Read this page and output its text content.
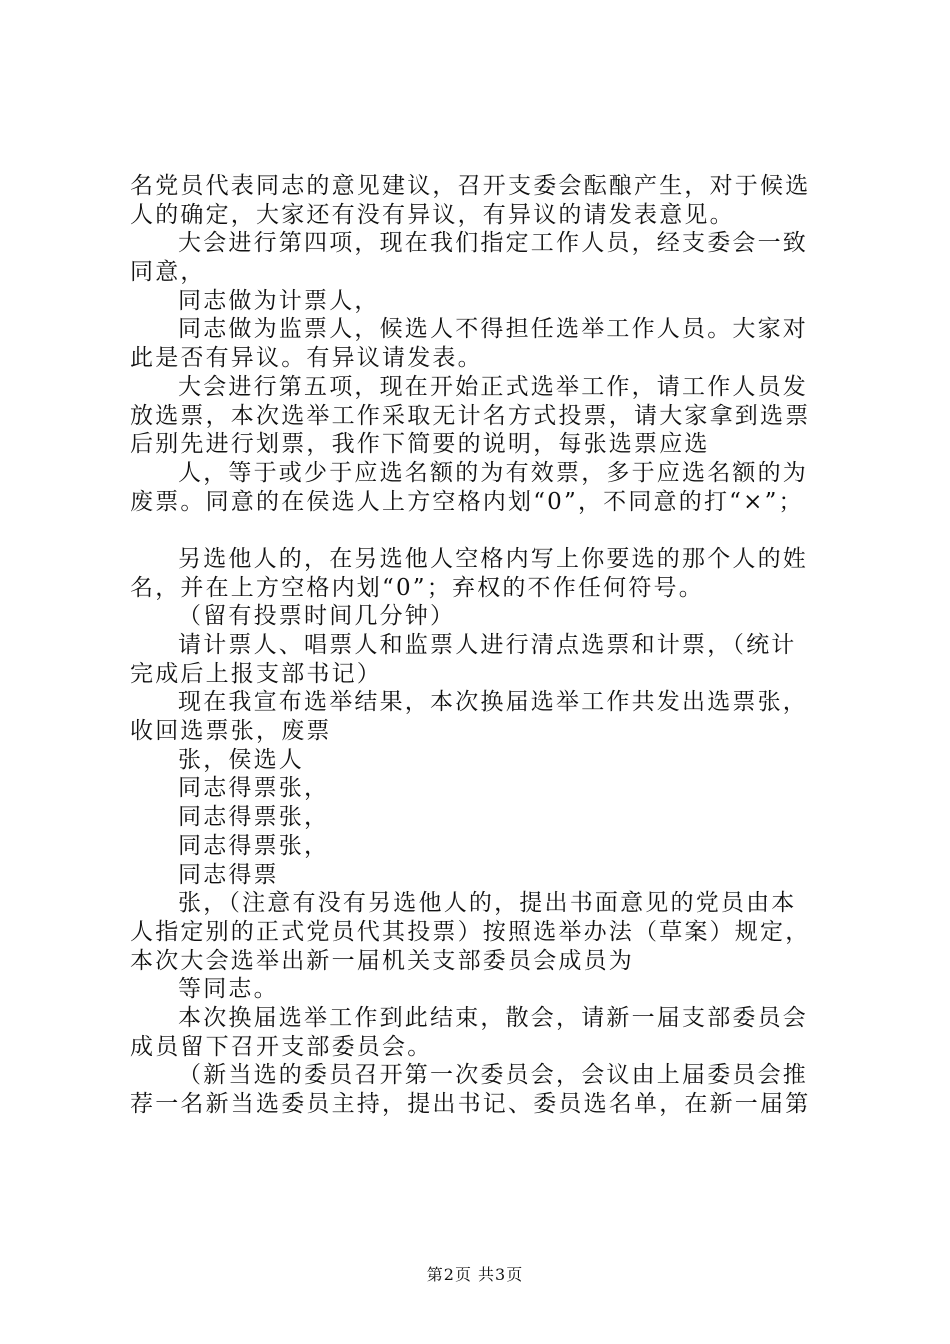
名党员代表同志的意见建议，召开支委会酝酿产生，对于候选
人的确定，大家还有没有异议，有异议的请发表意见。
大会进行第四项，现在我们指定工作人员，经支委会一致
同意，
同志做为计票人，
同志做为监票人，候选人不得担任选举工作人员。大家对
此是否有异议。有异议请发表。
大会进行第五项，现在开始正式选举工作，请工作人员发
放选票，本次选举工作采取无计名方式投票，请大家拿到选票
后别先进行划票，我作下简要的说明，每张选票应选
人，等于或少于应选名额的为有效票，多于应选名额的为
废票。同意的在侯选人上方空格内划“0”，不同意的打“×”；
另选他人的，在另选他人空格内写上你要选的那个人的姓
名，并在上方空格内划“0”；弃权的不作任何符号。
（留有投票时间几分钟）
请计票人、唱票人和监票人进行清点选票和计票，（统计
完成后上报支部书记）
现在我宣布选举结果，本次换届选举工作共发出选票张，
收回选票张，废票
张，侯选人
同志得票张，
同志得票张，
同志得票张，
同志得票
张，（注意有没有另选他人的，提出书面意见的党员由本
人指定别的正式党员代其投票）按照选举办法（草案）规定，
本次大会选举出新一届机关支部委员会成员为
等同志。
本次换届选举工作到此结束，散会，请新一届支部委员会
成员留下召开支部委员会。
（新当选的委员召开第一次委员会，会议由上届委员会推
荐一名新当选委员主持，提出书记、委员选名单，在新一届第
第2页 共3页
